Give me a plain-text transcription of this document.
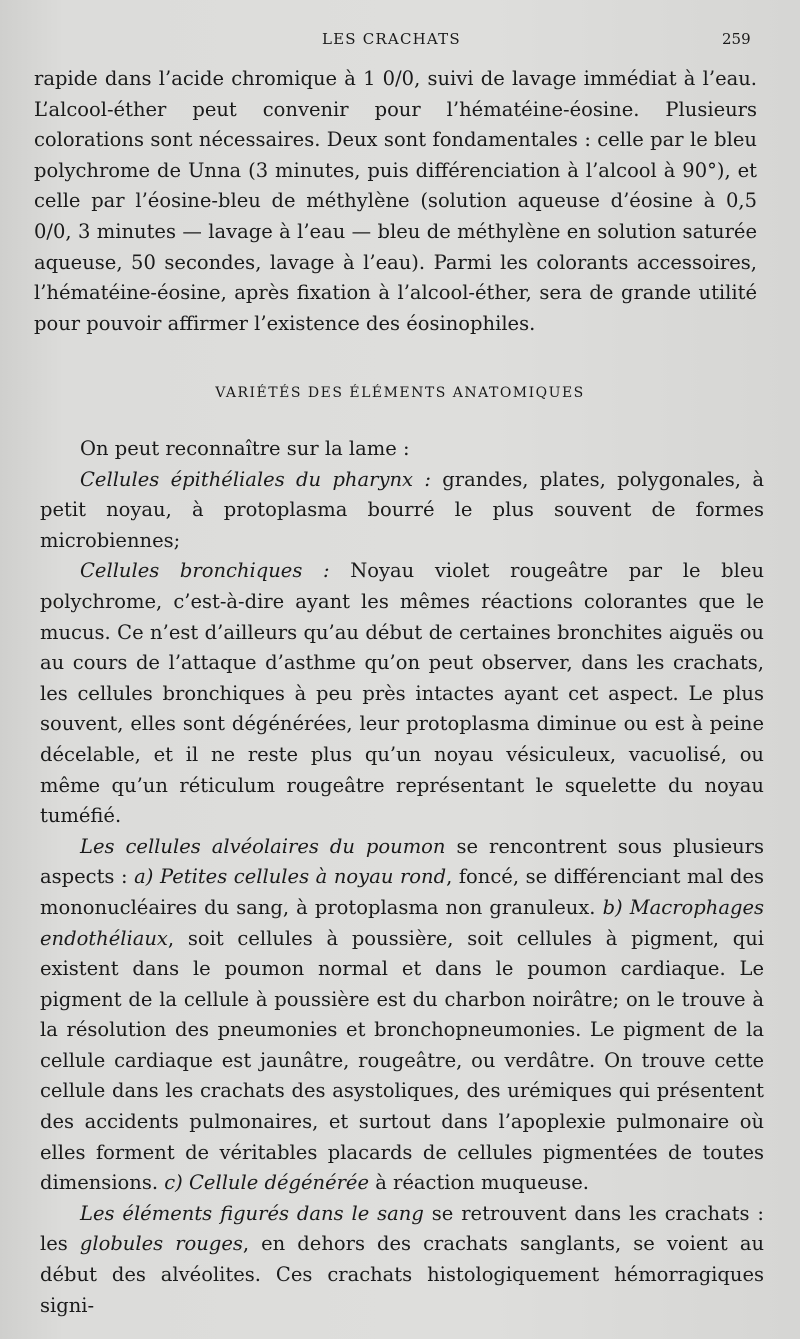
LES CRACHATS	259

rapide dans l’acide chromique à 1 0/0, suivi de lavage immédiat à l’eau. L’alcool-éther peut convenir pour l’hématéine-éosine. Plusieurs colorations sont nécessaires. Deux sont fondamentales : celle par le bleu polychrome de Unna (3 minutes, puis différenciation à l’alcool à 90°), et celle par l’éosine-bleu de méthylène (solution aqueuse d’éosine à 0,5 0/0, 3 minutes — lavage à l’eau — bleu de méthylène en solution saturée aqueuse, 50 secondes, lavage à l’eau). Parmi les colorants accessoires, l’hématéine-éosine, après fixation à l’alcool-éther, sera de grande utilité pour pouvoir affirmer l’existence des éosinophiles.

VARIÉTÉS DES ÉLÉMENTS ANATOMIQUES

On peut reconnaître sur la lame :

Cellules épithéliales du pharynx : grandes, plates, polygonales, à petit noyau, à protoplasma bourré le plus souvent de formes microbiennes;

Cellules bronchiques : Noyau violet rougeâtre par le bleu polychrome, c’est-à-dire ayant les mêmes réactions colorantes que le mucus. Ce n’est d’ailleurs qu’au début de certaines bronchites aiguës ou au cours de l’attaque d’asthme qu’on peut observer, dans les crachats, les cellules bronchiques à peu près intactes ayant cet aspect. Le plus souvent, elles sont dégénérées, leur protoplasma diminue ou est à peine décelable, et il ne reste plus qu’un noyau vésiculeux, vacuolisé, ou même qu’un réticulum rougeâtre représentant le squelette du noyau tuméfié.

Les cellules alvéolaires du poumon se rencontrent sous plusieurs aspects : a) Petites cellules à noyau rond, foncé, se différenciant mal des mononucléaires du sang, à protoplasma non granuleux. b) Macrophages endothéliaux, soit cellules à poussière, soit cellules à pigment, qui existent dans le poumon normal et dans le poumon cardiaque. Le pigment de la cellule à poussière est du charbon noirâtre; on le trouve à la résolution des pneumonies et bronchopneumonies. Le pigment de la cellule cardiaque est jaunâtre, rougeâtre, ou verdâtre. On trouve cette cellule dans les crachats des asystoliques, des urémiques qui présentent des accidents pulmonaires, et surtout dans l’apoplexie pulmonaire où elles forment de véritables placards de cellules pigmentées de toutes dimensions. c) Cellule dégénérée à réaction muqueuse.

Les éléments figurés dans le sang se retrouvent dans les crachats : les globules rouges, en dehors des crachats sanglants, se voient au début des alvéolites. Ces crachats histologiquement hémorragiques signi-
